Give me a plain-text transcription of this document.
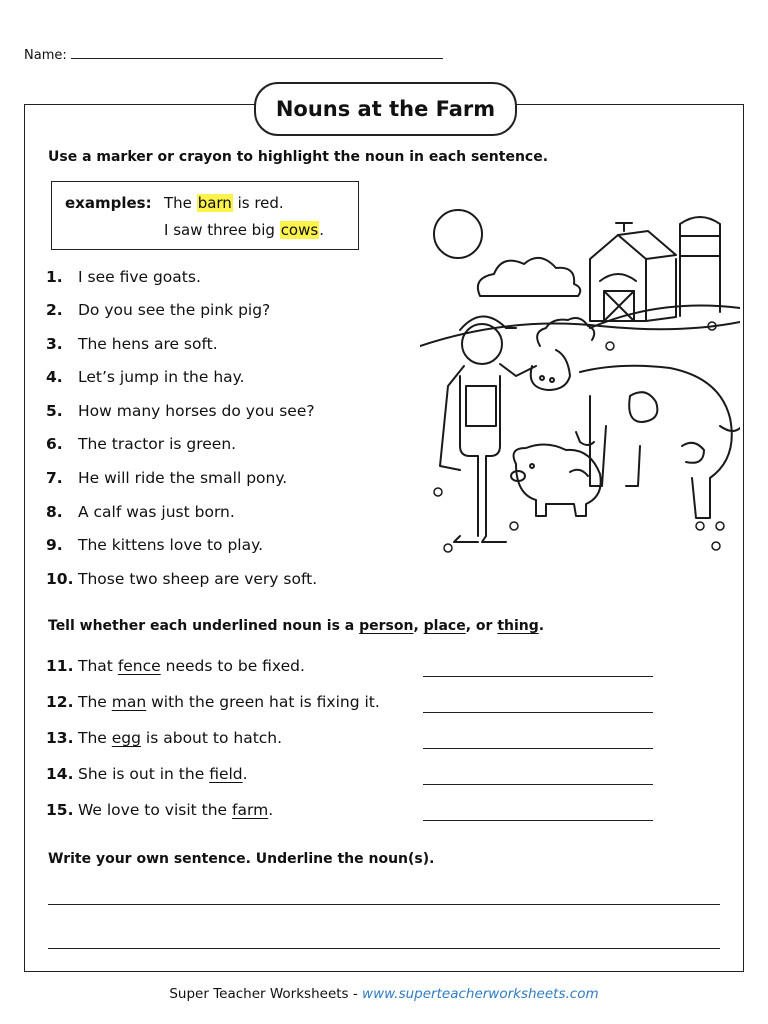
Name:
Nouns at the Farm
Use a marker or crayon to highlight the noun in each sentence.
examples: The barn is red.
I saw three big cows.
1. I see five goats.
2. Do you see the pink pig?
3. The hens are soft.
4. Let’s jump in the hay.
5. How many horses do you see?
6. The tractor is green.
7. He will ride the small pony.
8. A calf was just born.
9. The kittens love to play.
10. Those two sheep are very soft.
Tell whether each underlined noun is a person, place, or thing.
11. That fence needs to be fixed.
12. The man with the green hat is fixing it.
13. The egg is about to hatch.
14. She is out in the field.
15. We love to visit the farm.
Write your own sentence. Underline the noun(s).
Super Teacher Worksheets - www.superteacherworksheets.com
